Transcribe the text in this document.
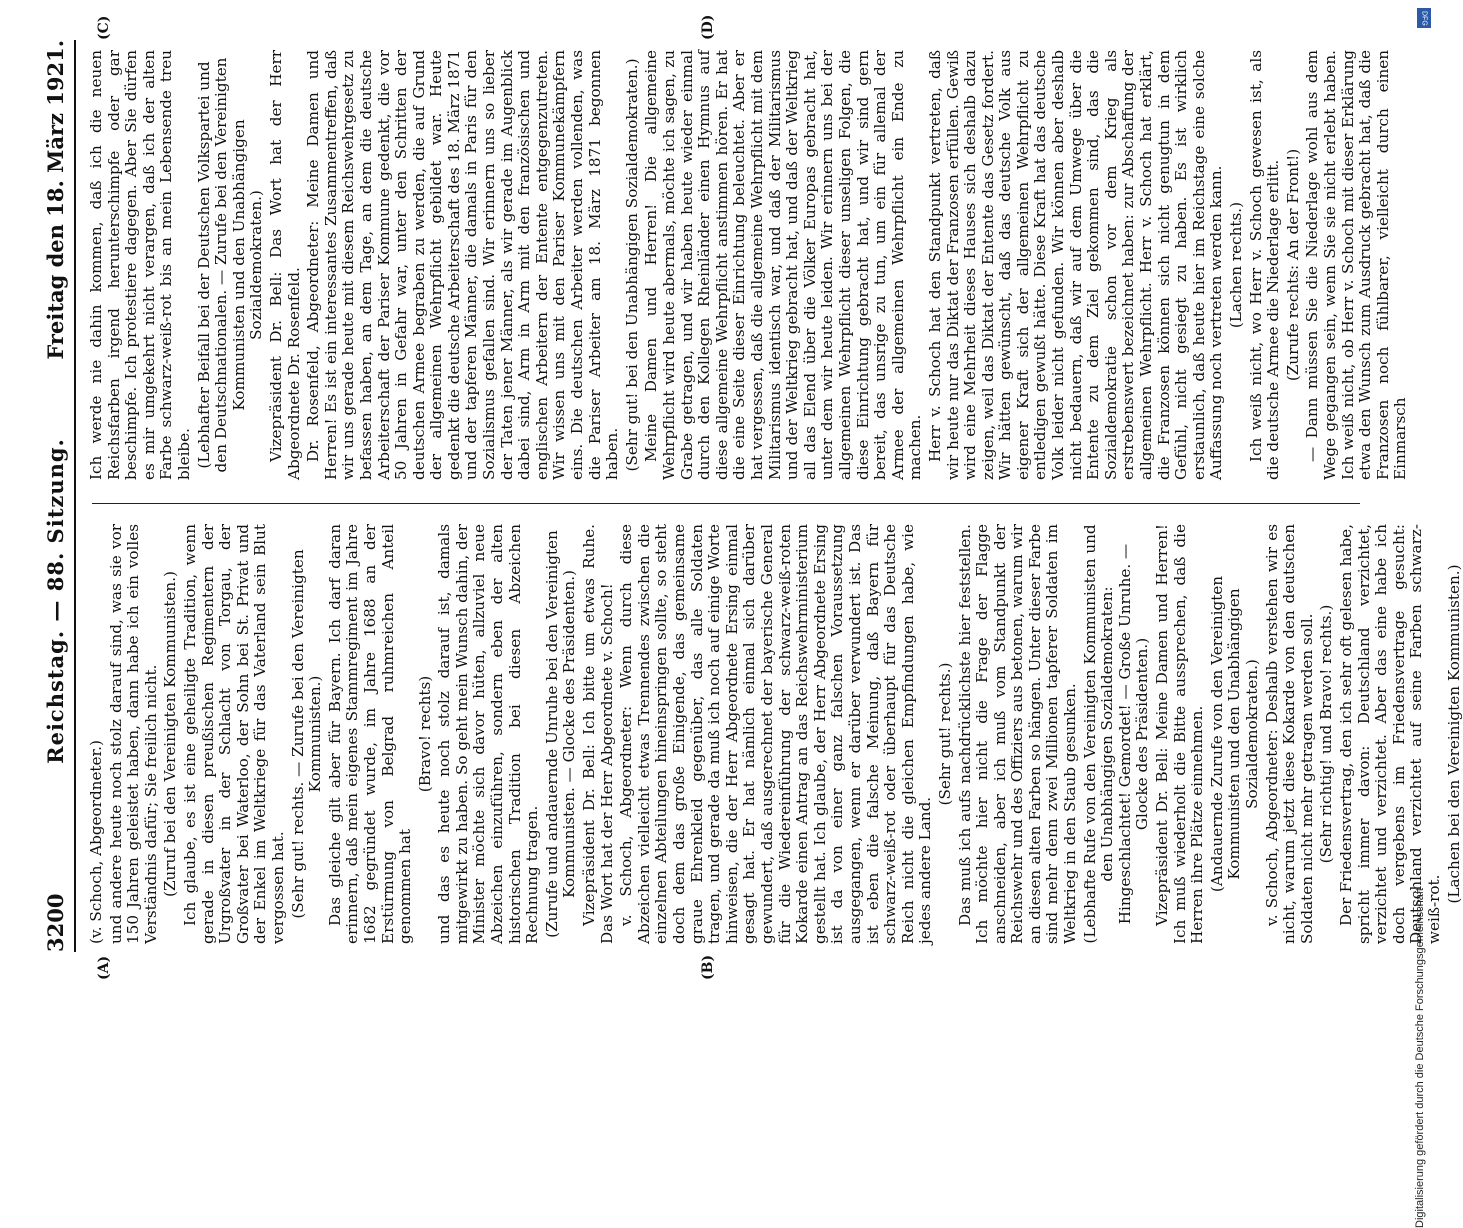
3200
Reichstag. — 88. Sitzung.
Freitag den 18. März 1921.
(A)	(B)
(C)	(D)

(v. Schoch, Abgeordneter.) und andere heute noch stolz darauf sind, was sie vor 150 Jahren geleistet haben, dann habe ich ein volles Verständnis dafür; Sie freilich nicht. (Zuruf bei den Vereinigten Kommunisten.) Ich glaube, es ist eine geheiligte Tradition, wenn gerade in diesen preußischen Regimentern der Urgroßvater in der Schlacht von Torgau, der Großvater bei Waterloo, der Sohn bei St. Privat und der Enkel im Weltkriege für das Vaterland sein Blut vergossen hat. (Sehr gut! rechts. — Zurufe bei den Vereinigten Kommunisten.) Das gleiche gilt aber für Bayern. Ich darf daran erinnern, daß mein eigenes Stammregiment im Jahre 1682 gegründet wurde, im Jahre 1688 an der Erstürmung von Belgrad ruhmreichen Anteil genommen hat

(Bravo! rechts) und das es heute noch stolz darauf ist, damals mitgewirkt zu haben. So geht mein Wunsch dahin, der Minister möchte sich davor hüten, allzuviel neue Abzeichen einzuführen, sondern eben der alten historischen Tradition bei diesen Abzeichen Rechnung tragen. (Zurufe und andauernde Unruhe bei den Vereinigten Kommunisten. — Glocke des Präsidenten.) Vizepräsident Dr. Bell: Ich bitte um etwas Ruhe. Das Wort hat der Herr Abgeordnete v. Schoch! v. Schoch, Abgeordneter: Wenn durch diese Abzeichen vielleicht etwas Trennendes zwischen die einzelnen Abteilungen hineinspringen sollte, so steht doch dem das große Einigende, das gemeinsame graue Ehrenkleid gegenüber, das alle Soldaten tragen, und gerade da muß ich noch auf einige Worte hinweisen, die der Herr Abgeordnete Ersing einmal gesagt hat. Er hat nämlich einmal sich darüber gewundert, daß ausgerechnet der bayerische General für die Wiedereinführung der schwarz-weiß-roten Kokarde einen Antrag an das Reichswehrministerium gestellt hat. Ich glaube, der Herr Abgeordnete Ersing ist da von einer ganz falschen Voraussetzung ausgegangen, wenn er darüber verwundert ist. Das ist eben die falsche Meinung, daß Bayern für schwarz-weiß-rot oder überhaupt für das Deutsche Reich nicht die gleichen Empfindungen habe, wie jedes andere Land.

(Sehr gut! rechts.) Das muß ich aufs nachdrücklichste hier feststellen. Ich möchte hier nicht die Frage der Flagge anschneiden, aber ich muß vom Standpunkt der Reichswehr und des Offiziers aus betonen, warum wir an diesen alten Farben so hängen. Unter dieser Farbe sind mehr denn zwei Millionen tapferer Soldaten im Weltkrieg in den Staub gesunken. (Lebhafte Rufe von den Vereinigten Kommunisten und den Unabhängigen Sozialdemokraten: Hingeschlachtet! Gemordet! — Große Unruhe. — Glocke des Präsidenten.) Vizepräsident Dr. Bell: Meine Damen und Herren! Ich muß wiederholt die Bitte aussprechen, daß die Herren ihre Plätze einnehmen. (Andauernde Zurufe von den Vereinigten Kommunisten und den Unabhängigen Sozialdemokraten.) v. Schoch, Abgeordneter: Deshalb verstehen wir es nicht, warum jetzt diese Kokarde von den deutschen Soldaten nicht mehr getragen werden soll. (Sehr richtig! und Bravo! rechts.) Der Friedensvertrag, den ich sehr oft gelesen habe, spricht immer davon: Deutschland verzichtet, verzichtet und verzichtet. Aber das eine habe ich doch vergebens im Friedensvertrage gesucht: Deutschland verzichtet auf seine Farben schwarz-weiß-rot.

(Lachen bei den Vereinigten Kommunisten.)

Ich werde nie dahin kommen, daß ich die neuen Reichsfarben irgend herunterschimpfe oder gar beschimpfe. Ich protestiere dagegen. Aber Sie dürfen es mir umgekehrt nicht verargen, daß ich der alten Farbe schwarz-weiß-rot bis an mein Lebensende treu bleibe. (Lebhafter Beifall bei der Deutschen Volkspartei und den Deutschnationalen. — Zurufe bei den Vereinigten Kommunisten und den Unabhängigen Sozialdemokraten.) Vizepräsident Dr. Bell: Das Wort hat der Herr Abgeordnete Dr. Rosenfeld. Dr. Rosenfeld, Abgeordneter: Meine Damen und Herren! Es ist ein interessantes Zusammentreffen, daß wir uns gerade heute mit diesem Reichswehrgesetz zu befassen haben, an dem Tage, an dem die deutsche Arbeiterschaft der Pariser Kommune gedenkt, die vor 50 Jahren in Gefahr war, unter den Schritten der deutschen Armee begraben zu werden, die auf Grund der allgemeinen Wehrpflicht gebildet war. Heute gedenkt die deutsche Arbeiterschaft des 18. März 1871 und der tapferen Männer, die damals in Paris für den Sozialismus gefallen sind. Wir erinnern uns so lieber der Taten jener Männer, als wir gerade im Augenblick dabei sind, Arm in Arm mit den französischen und englischen Arbeitern der Entente entgegenzutreten. Wir wissen uns mit den Pariser Kommunekämpfern eins. Die deutschen Arbeiter werden vollenden, was die Pariser Arbeiter am 18. März 1871 begonnen haben. (Sehr gut! bei den Unabhängigen Sozialdemokraten.) Meine Damen und Herren! Die allgemeine Wehrpflicht wird heute abermals, möchte ich sagen, zu Grabe getragen, und wir haben heute wieder einmal durch den Kollegen Rheinländer einen Hymnus auf diese allgemeine Wehrpflicht anstimmen hören. Er hat die eine Seite dieser Einrichtung beleuchtet. Aber er hat vergessen, daß die allgemeine Wehrpflicht mit dem Militarismus identisch war, und daß der Militarismus und der Weltkrieg gebracht hat, und daß der Weltkrieg all das Elend über die Völker Europas gebracht hat, unter dem wir heute leiden. Wir erinnern uns bei der allgemeinen Wehrpflicht dieser unseligen Folgen, die diese Einrichtung gebracht hat, und wir sind gern bereit, das unsrige zu tun, um ein für allemal der Armee der allgemeinen Wehrpflicht ein Ende zu machen. Herr v. Schoch hat den Standpunkt vertreten, daß wir heute nur das Diktat der Franzosen erfüllen. Gewiß wird eine Mehrheit dieses Hauses sich deshalb dazu zeigen, weil das Diktat der Entente das Gesetz fordert. Wir hätten gewünscht, daß das deutsche Volk aus eigener Kraft sich der allgemeinen Wehrpflicht zu entledigen gewußt hätte. Diese Kraft hat das deutsche Volk leider nicht gefunden. Wir können aber deshalb nicht bedauern, daß wir auf dem Umwege über die Entente zu dem Ziel gekommen sind, das die Sozialdemokratie schon vor dem Krieg als erstrebenswert bezeichnet haben: zur Abschaffung der allgemeinen Wehrpflicht. Herr v. Schoch hat erklärt, die Franzosen können sich nicht genugtun in dem Gefühl, nicht gesiegt zu haben. Es ist wirklich erstaunlich, daß heute hier im Reichstage eine solche Auffassung noch vertreten werden kann. (Lachen rechts.) Ich weiß nicht, wo Herr v. Schoch gewesen ist, als die deutsche Armee die Niederlage erlitt. (Zurufe rechts: An der Front!) — Dann müssen Sie die Niederlage wohl aus dem Wege gegangen sein, wenn Sie sie nicht erlebt haben. Ich weiß nicht, ob Herr v. Schoch mit dieser Erklärung etwa den Wunsch zum Ausdruck gebracht hat, daß die Franzosen noch fühlbarer, vielleicht durch einen Einmarsch

Digitalisierung gefördert durch die Deutsche Forschungsgemeinschaft
DFG
